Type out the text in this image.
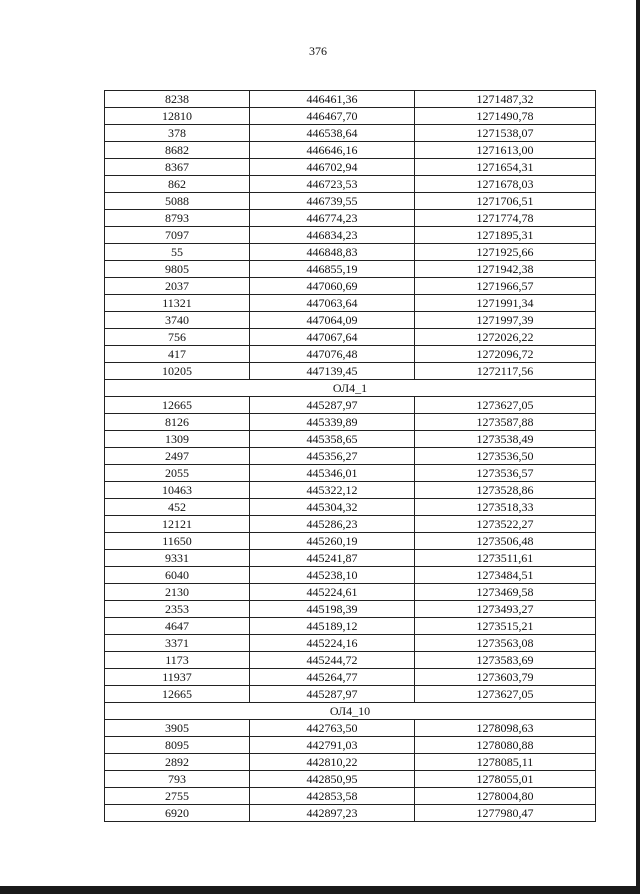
376
8238	446461,36	1271487,32
12810	446467,70	1271490,78
378	446538,64	1271538,07
8682	446646,16	1271613,00
8367	446702,94	1271654,31
862	446723,53	1271678,03
5088	446739,55	1271706,51
8793	446774,23	1271774,78
7097	446834,23	1271895,31
55	446848,83	1271925,66
9805	446855,19	1271942,38
2037	447060,69	1271966,57
11321	447063,64	1271991,34
3740	447064,09	1271997,39
756	447067,64	1272026,22
417	447076,48	1272096,72
10205	447139,45	1272117,56
ОЛ4_1		
12665	445287,97	1273627,05
8126	445339,89	1273587,88
1309	445358,65	1273538,49
2497	445356,27	1273536,50
2055	445346,01	1273536,57
10463	445322,12	1273528,86
452	445304,32	1273518,33
12121	445286,23	1273522,27
11650	445260,19	1273506,48
9331	445241,87	1273511,61
6040	445238,10	1273484,51
2130	445224,61	1273469,58
2353	445198,39	1273493,27
4647	445189,12	1273515,21
3371	445224,16	1273563,08
1173	445244,72	1273583,69
11937	445264,77	1273603,79
12665	445287,97	1273627,05
ОЛ4_10		
3905	442763,50	1278098,63
8095	442791,03	1278080,88
2892	442810,22	1278085,11
793	442850,95	1278055,01
2755	442853,58	1278004,80
6920	442897,23	1277980,47
